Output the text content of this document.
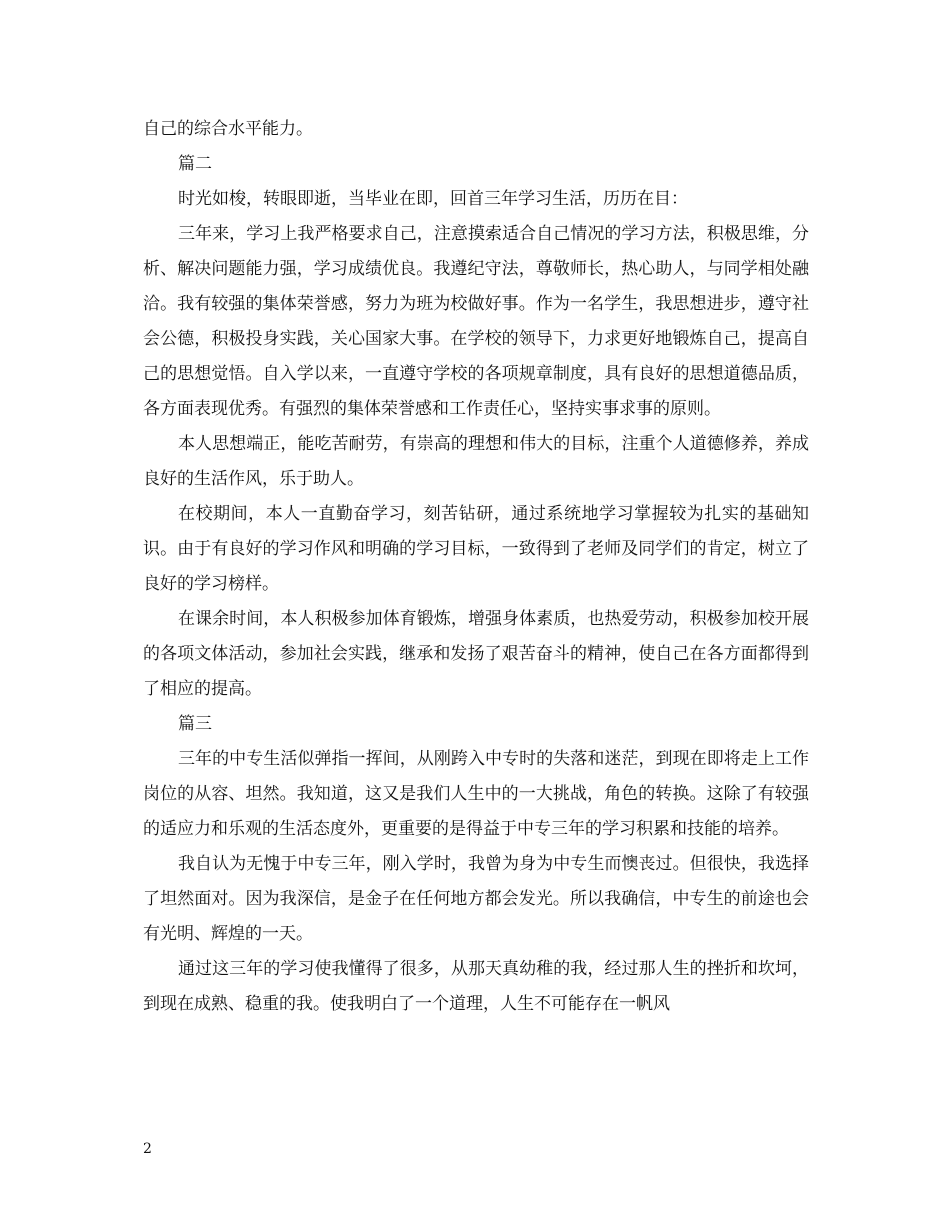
自己的综合水平能力。

篇二

时光如梭，转眼即逝，当毕业在即，回首三年学习生活，历历在目：

三年来，学习上我严格要求自己，注意摸索适合自己情况的学习方法，积极思维，分析、解决问题能力强，学习成绩优良。我遵纪守法，尊敬师长，热心助人，与同学相处融洽。我有较强的集体荣誉感，努力为班为校做好事。作为一名学生，我思想进步，遵守社会公德，积极投身实践，关心国家大事。在学校的领导下，力求更好地锻炼自己，提高自己的思想觉悟。自入学以来，一直遵守学校的各项规章制度，具有良好的思想道德品质，各方面表现优秀。有强烈的集体荣誉感和工作责任心，坚持实事求事的原则。

本人思想端正，能吃苦耐劳，有崇高的理想和伟大的目标，注重个人道德修养，养成良好的生活作风，乐于助人。

在校期间，本人一直勤奋学习，刻苦钻研，通过系统地学习掌握较为扎实的基础知识。由于有良好的学习作风和明确的学习目标，一致得到了老师及同学们的肯定，树立了良好的学习榜样。

在课余时间，本人积极参加体育锻炼，增强身体素质，也热爱劳动，积极参加校开展的各项文体活动，参加社会实践，继承和发扬了艰苦奋斗的精神，使自己在各方面都得到了相应的提高。

篇三

三年的中专生活似弹指一挥间，从刚跨入中专时的失落和迷茫，到现在即将走上工作岗位的从容、坦然。我知道，这又是我们人生中的一大挑战，角色的转换。这除了有较强的适应力和乐观的生活态度外，更重要的是得益于中专三年的学习积累和技能的培养。

我自认为无愧于中专三年，刚入学时，我曾为身为中专生而懊丧过。但很快，我选择了坦然面对。因为我深信，是金子在任何地方都会发光。所以我确信，中专生的前途也会有光明、辉煌的一天。

通过这三年的学习使我懂得了很多，从那天真幼稚的我，经过那人生的挫折和坎坷，到现在成熟、稳重的我。使我明白了一个道理，人生不可能存在一帆风

2
